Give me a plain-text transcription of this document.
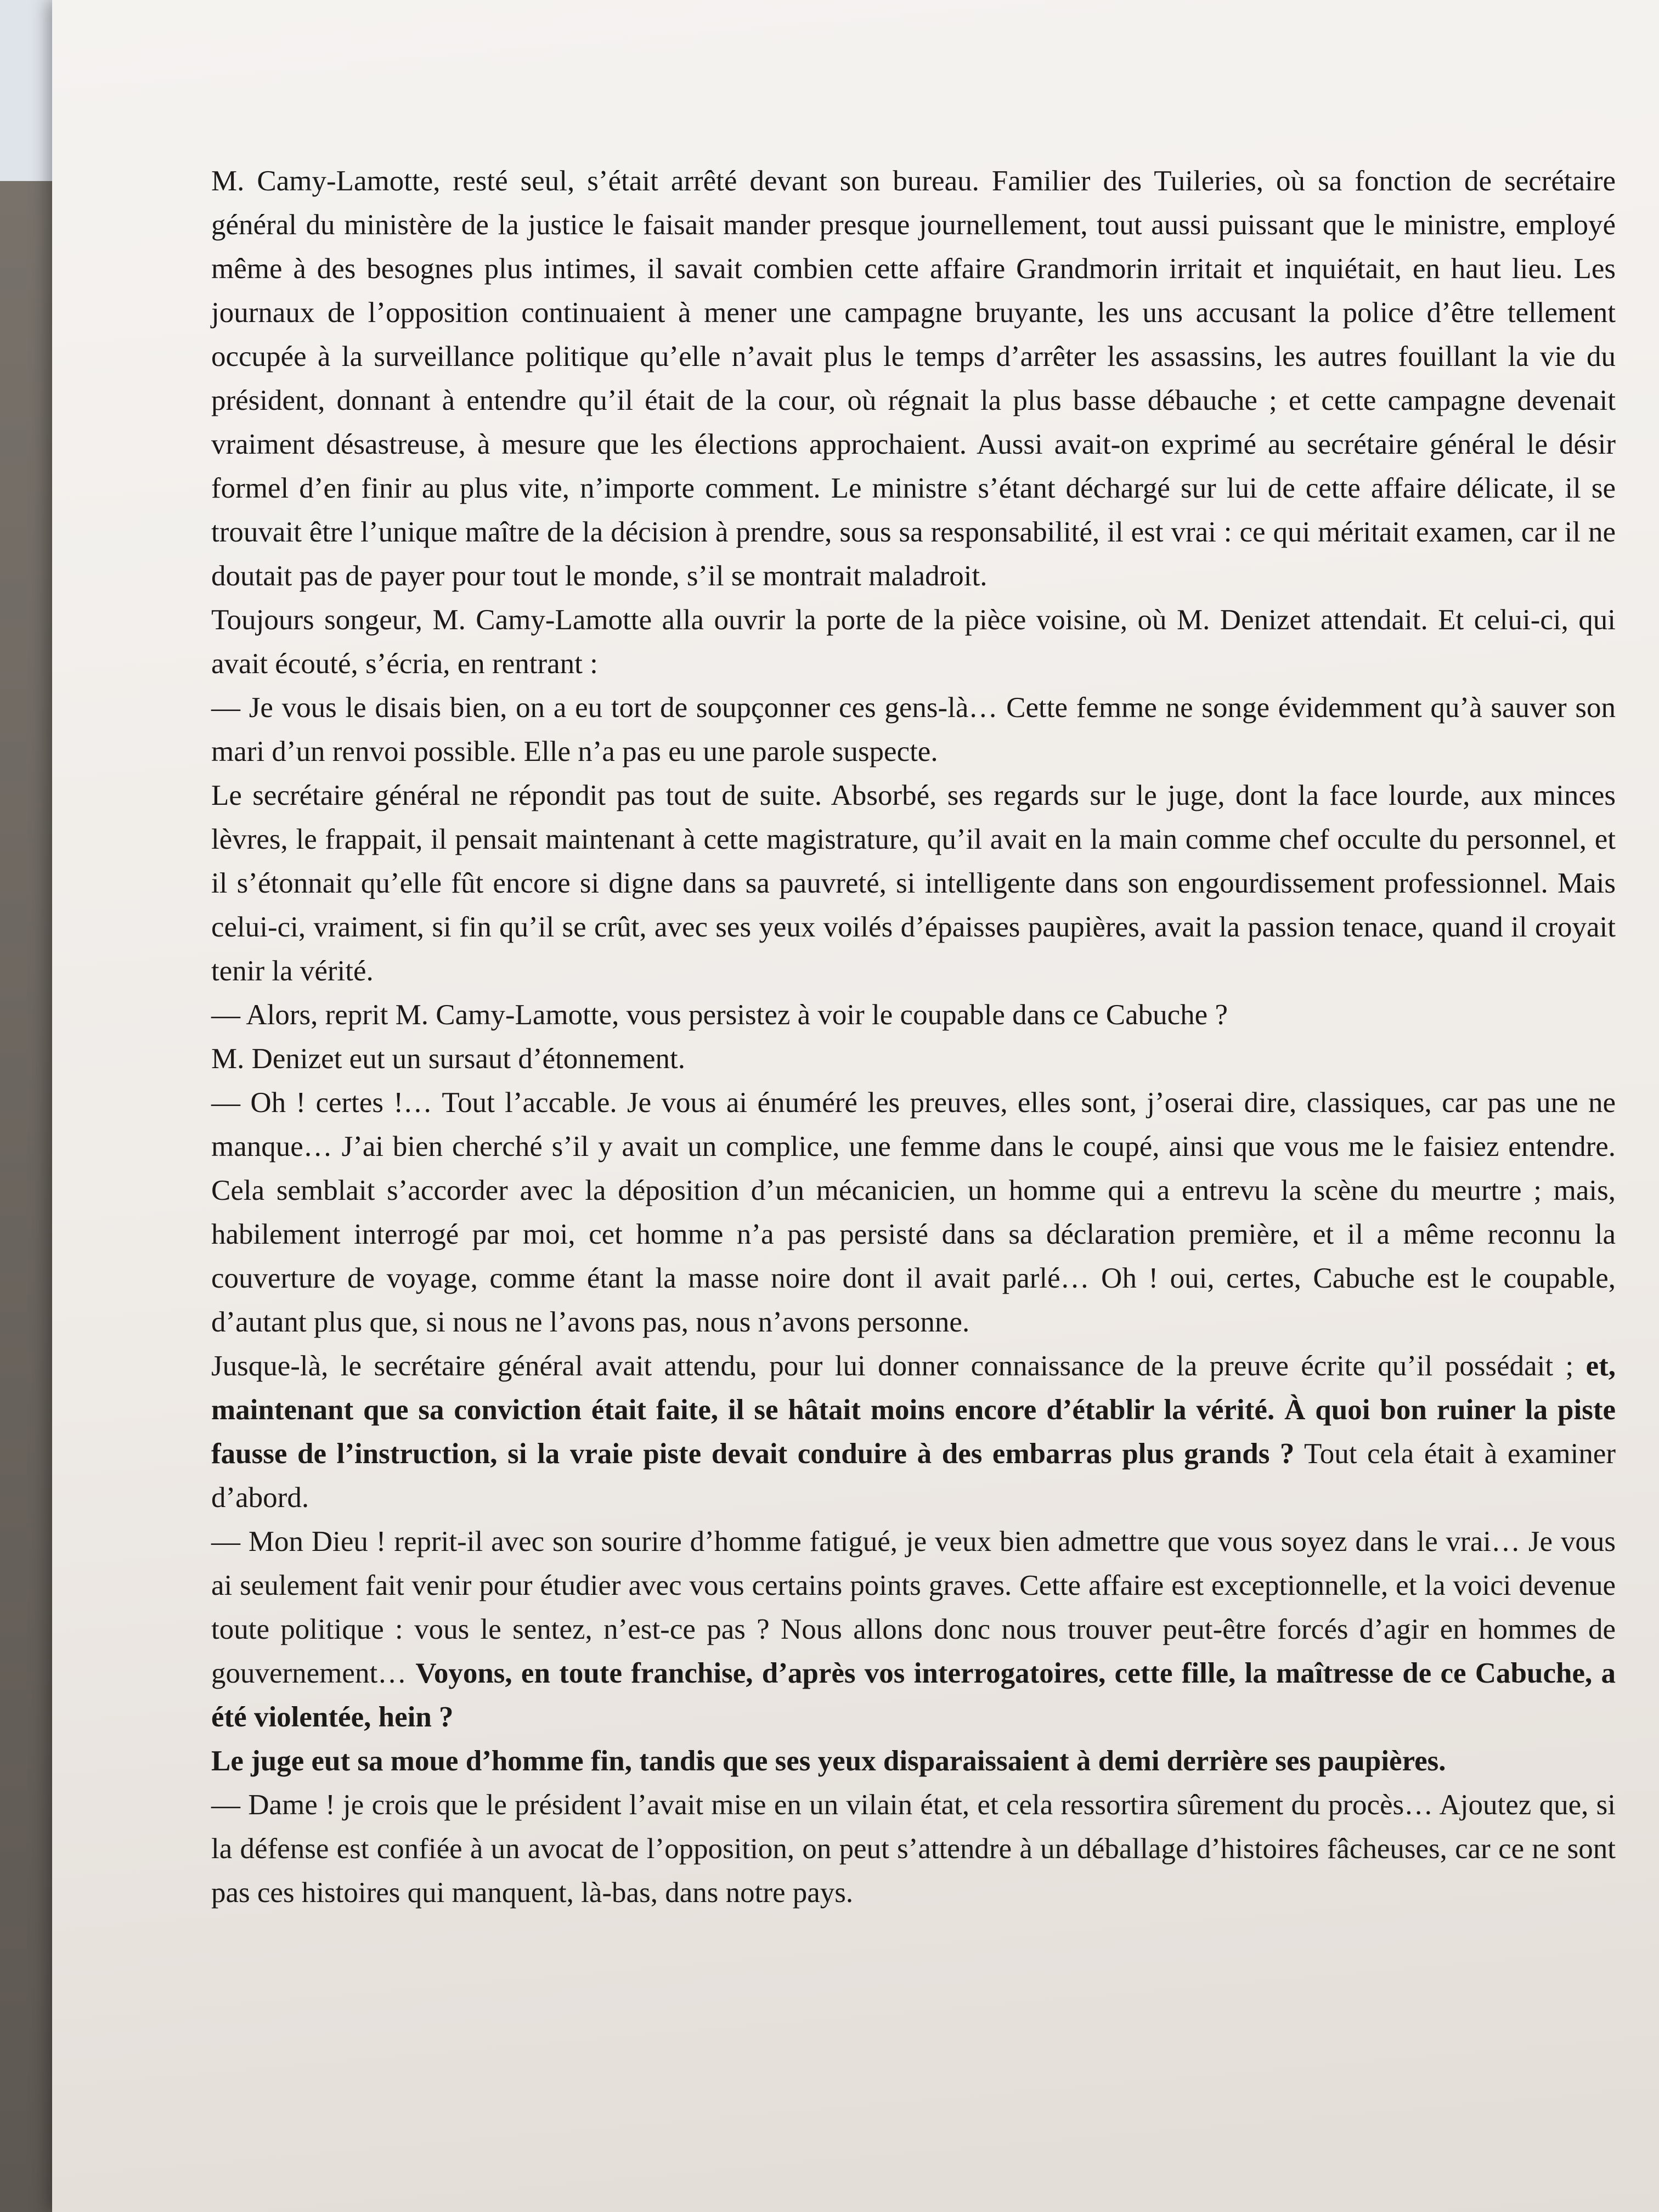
M. Camy-Lamotte, resté seul, s’était arrêté devant son bureau. Familier des Tuileries, où sa fonction de secrétaire général du ministère de la justice le faisait mander presque journellement, tout aussi puissant que le ministre, employé même à des besognes plus intimes, il savait combien cette affaire Grandmorin irritait et inquiétait, en haut lieu. Les journaux de l’opposition continuaient à mener une campagne bruyante, les uns accusant la police d’être tellement occupée à la surveillance politique qu’elle n’avait plus le temps d’arrêter les assassins, les autres fouillant la vie du président, donnant à entendre qu’il était de la cour, où régnait la plus basse débauche ; et cette campagne devenait vraiment désastreuse, à mesure que les élections approchaient. Aussi avait-on exprimé au secrétaire général le désir formel d’en finir au plus vite, n’importe comment. Le ministre s’étant déchargé sur lui de cette affaire délicate, il se trouvait être l’unique maître de la décision à prendre, sous sa responsabilité, il est vrai : ce qui méritait examen, car il ne doutait pas de payer pour tout le monde, s’il se montrait maladroit.

Toujours songeur, M. Camy-Lamotte alla ouvrir la porte de la pièce voisine, où M. Denizet attendait. Et celui-ci, qui avait écouté, s’écria, en rentrant :

— Je vous le disais bien, on a eu tort de soupçonner ces gens-là… Cette femme ne songe évidemment qu’à sauver son mari d’un renvoi possible. Elle n’a pas eu une parole suspecte.

Le secrétaire général ne répondit pas tout de suite. Absorbé, ses regards sur le juge, dont la face lourde, aux minces lèvres, le frappait, il pensait maintenant à cette magistrature, qu’il avait en la main comme chef occulte du personnel, et il s’étonnait qu’elle fût encore si digne dans sa pauvreté, si intelligente dans son engourdissement professionnel. Mais celui-ci, vraiment, si fin qu’il se crût, avec ses yeux voilés d’épaisses paupières, avait la passion tenace, quand il croyait tenir la vérité.

— Alors, reprit M. Camy-Lamotte, vous persistez à voir le coupable dans ce Cabuche ?

M. Denizet eut un sursaut d’étonnement.

— Oh ! certes !… Tout l’accable. Je vous ai énuméré les preuves, elles sont, j’oserai dire, classiques, car pas une ne manque… J’ai bien cherché s’il y avait un complice, une femme dans le coupé, ainsi que vous me le faisiez entendre. Cela semblait s’accorder avec la déposition d’un mécanicien, un homme qui a entrevu la scène du meurtre ; mais, habilement interrogé par moi, cet homme n’a pas persisté dans sa déclaration première, et il a même reconnu la couverture de voyage, comme étant la masse noire dont il avait parlé… Oh ! oui, certes, Cabuche est le coupable, d’autant plus que, si nous ne l’avons pas, nous n’avons personne.

Jusque-là, le secrétaire général avait attendu, pour lui donner connaissance de la preuve écrite qu’il possédait ; et, maintenant que sa conviction était faite, il se hâtait moins encore d’établir la vérité. À quoi bon ruiner la piste fausse de l’instruction, si la vraie piste devait conduire à des embarras plus grands ? Tout cela était à examiner d’abord.

— Mon Dieu ! reprit-il avec son sourire d’homme fatigué, je veux bien admettre que vous soyez dans le vrai… Je vous ai seulement fait venir pour étudier avec vous certains points graves. Cette affaire est exceptionnelle, et la voici devenue toute politique : vous le sentez, n’est-ce pas ? Nous allons donc nous trouver peut-être forcés d’agir en hommes de gouvernement… Voyons, en toute franchise, d’après vos interrogatoires, cette fille, la maîtresse de ce Cabuche, a été violentée, hein ?

Le juge eut sa moue d’homme fin, tandis que ses yeux disparaissaient à demi derrière ses paupières.

— Dame ! je crois que le président l’avait mise en un vilain état, et cela ressortira sûrement du procès… Ajoutez que, si la défense est confiée à un avocat de l’opposition, on peut s’attendre à un déballage d’histoires fâcheuses, car ce ne sont pas ces histoires qui manquent, là-bas, dans notre pays.
